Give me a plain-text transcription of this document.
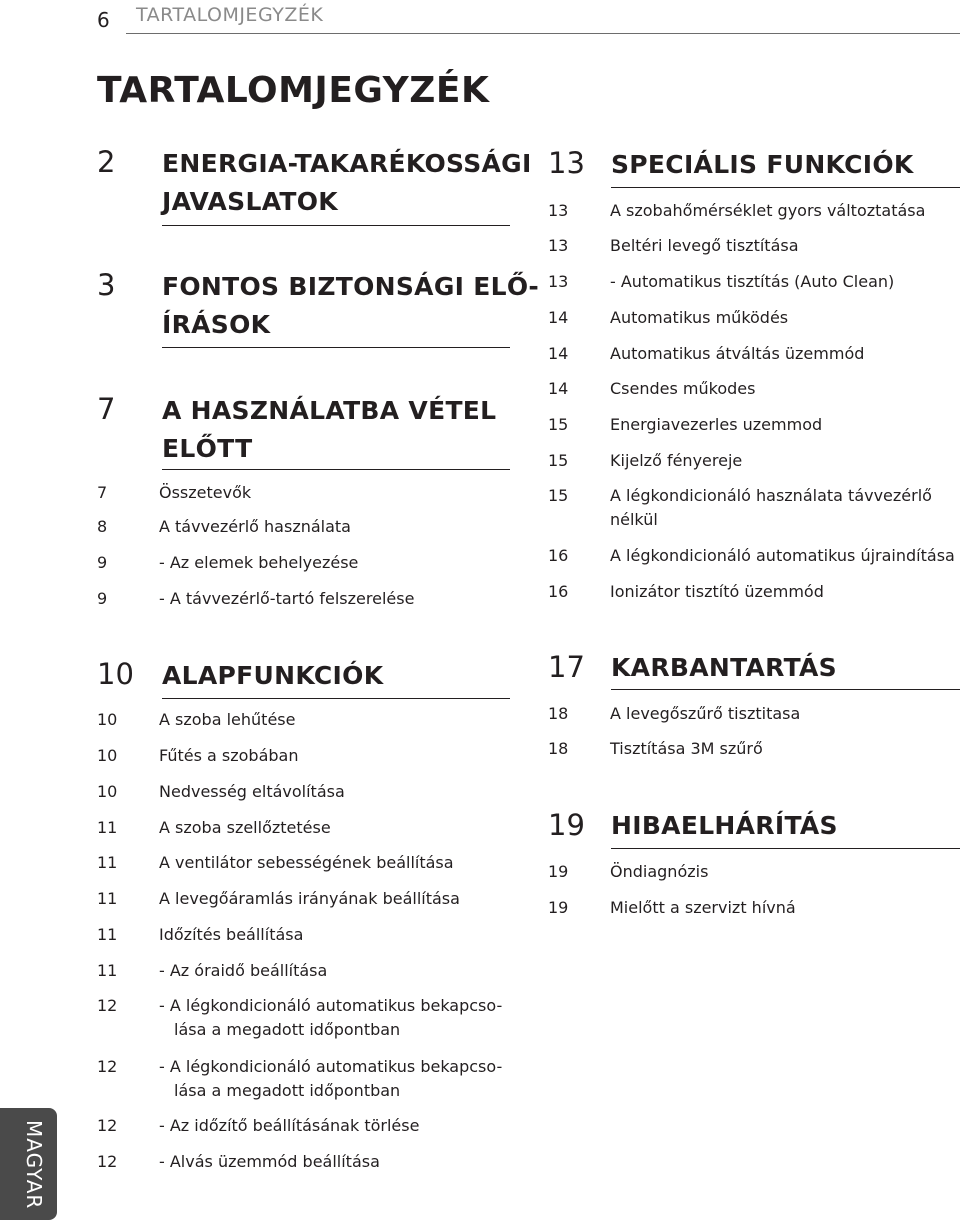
6 TARTALOMJEGYZÉK
TARTALOMJEGYZÉK
2 ENERGIA-TAKARÉKOSSÁGI
JAVASLATOK
3 FONTOS BIZTONSÁGI ELŐ-
ÍRÁSOK
7 A HASZNÁLATBA VÉTEL
ELŐTT
7	Összetevők
8	A távvezérlő használata
9	- Az elemek behelyezése
9	- A távvezérlő-tartó felszerelése
10 ALAPFUNKCIÓK
10	A szoba lehűtése
10	Fűtés a szobában
10	Nedvesség eltávolítása
11	A szoba szellőztetése
11	A ventilátor sebességének beállítása
11	A levegőáramlás irányának beállítása
11	Időzítés beállítása
11	- Az óraidő beállítása
12	- A légkondicionáló automatikus bekapcso-
lása a megadott időpontban
12	- A légkondicionáló automatikus bekapcso-
lása a megadott időpontban
12	- Az időzítő beállításának törlése
12	- Alvás üzemmód beállítása
13 SPECIÁLIS FUNKCIÓK
13	A szobahőmérséklet gyors változtatása
13	Beltéri levegő tisztítása
13	- Automatikus tisztítás (Auto Clean)
14	Automatikus működés
14	Automatikus átváltás üzemmód
14	Csendes műkodes
15	Energiavezerles uzemmod
15	Kijelző fényereje
15	A légkondicionáló használata távvezérlő
nélkül
16	A légkondicionáló automatikus újraindítása
16	Ionizátor tisztító üzemmód
17 KARBANTARTÁS
18	A levegőszűrő tisztitasa
18	Tisztítása 3M szűrő
19 HIBAELHÁRÍTÁS
19	Öndiagnózis
19	Mielőtt a szervizt hívná
MAGYAR
